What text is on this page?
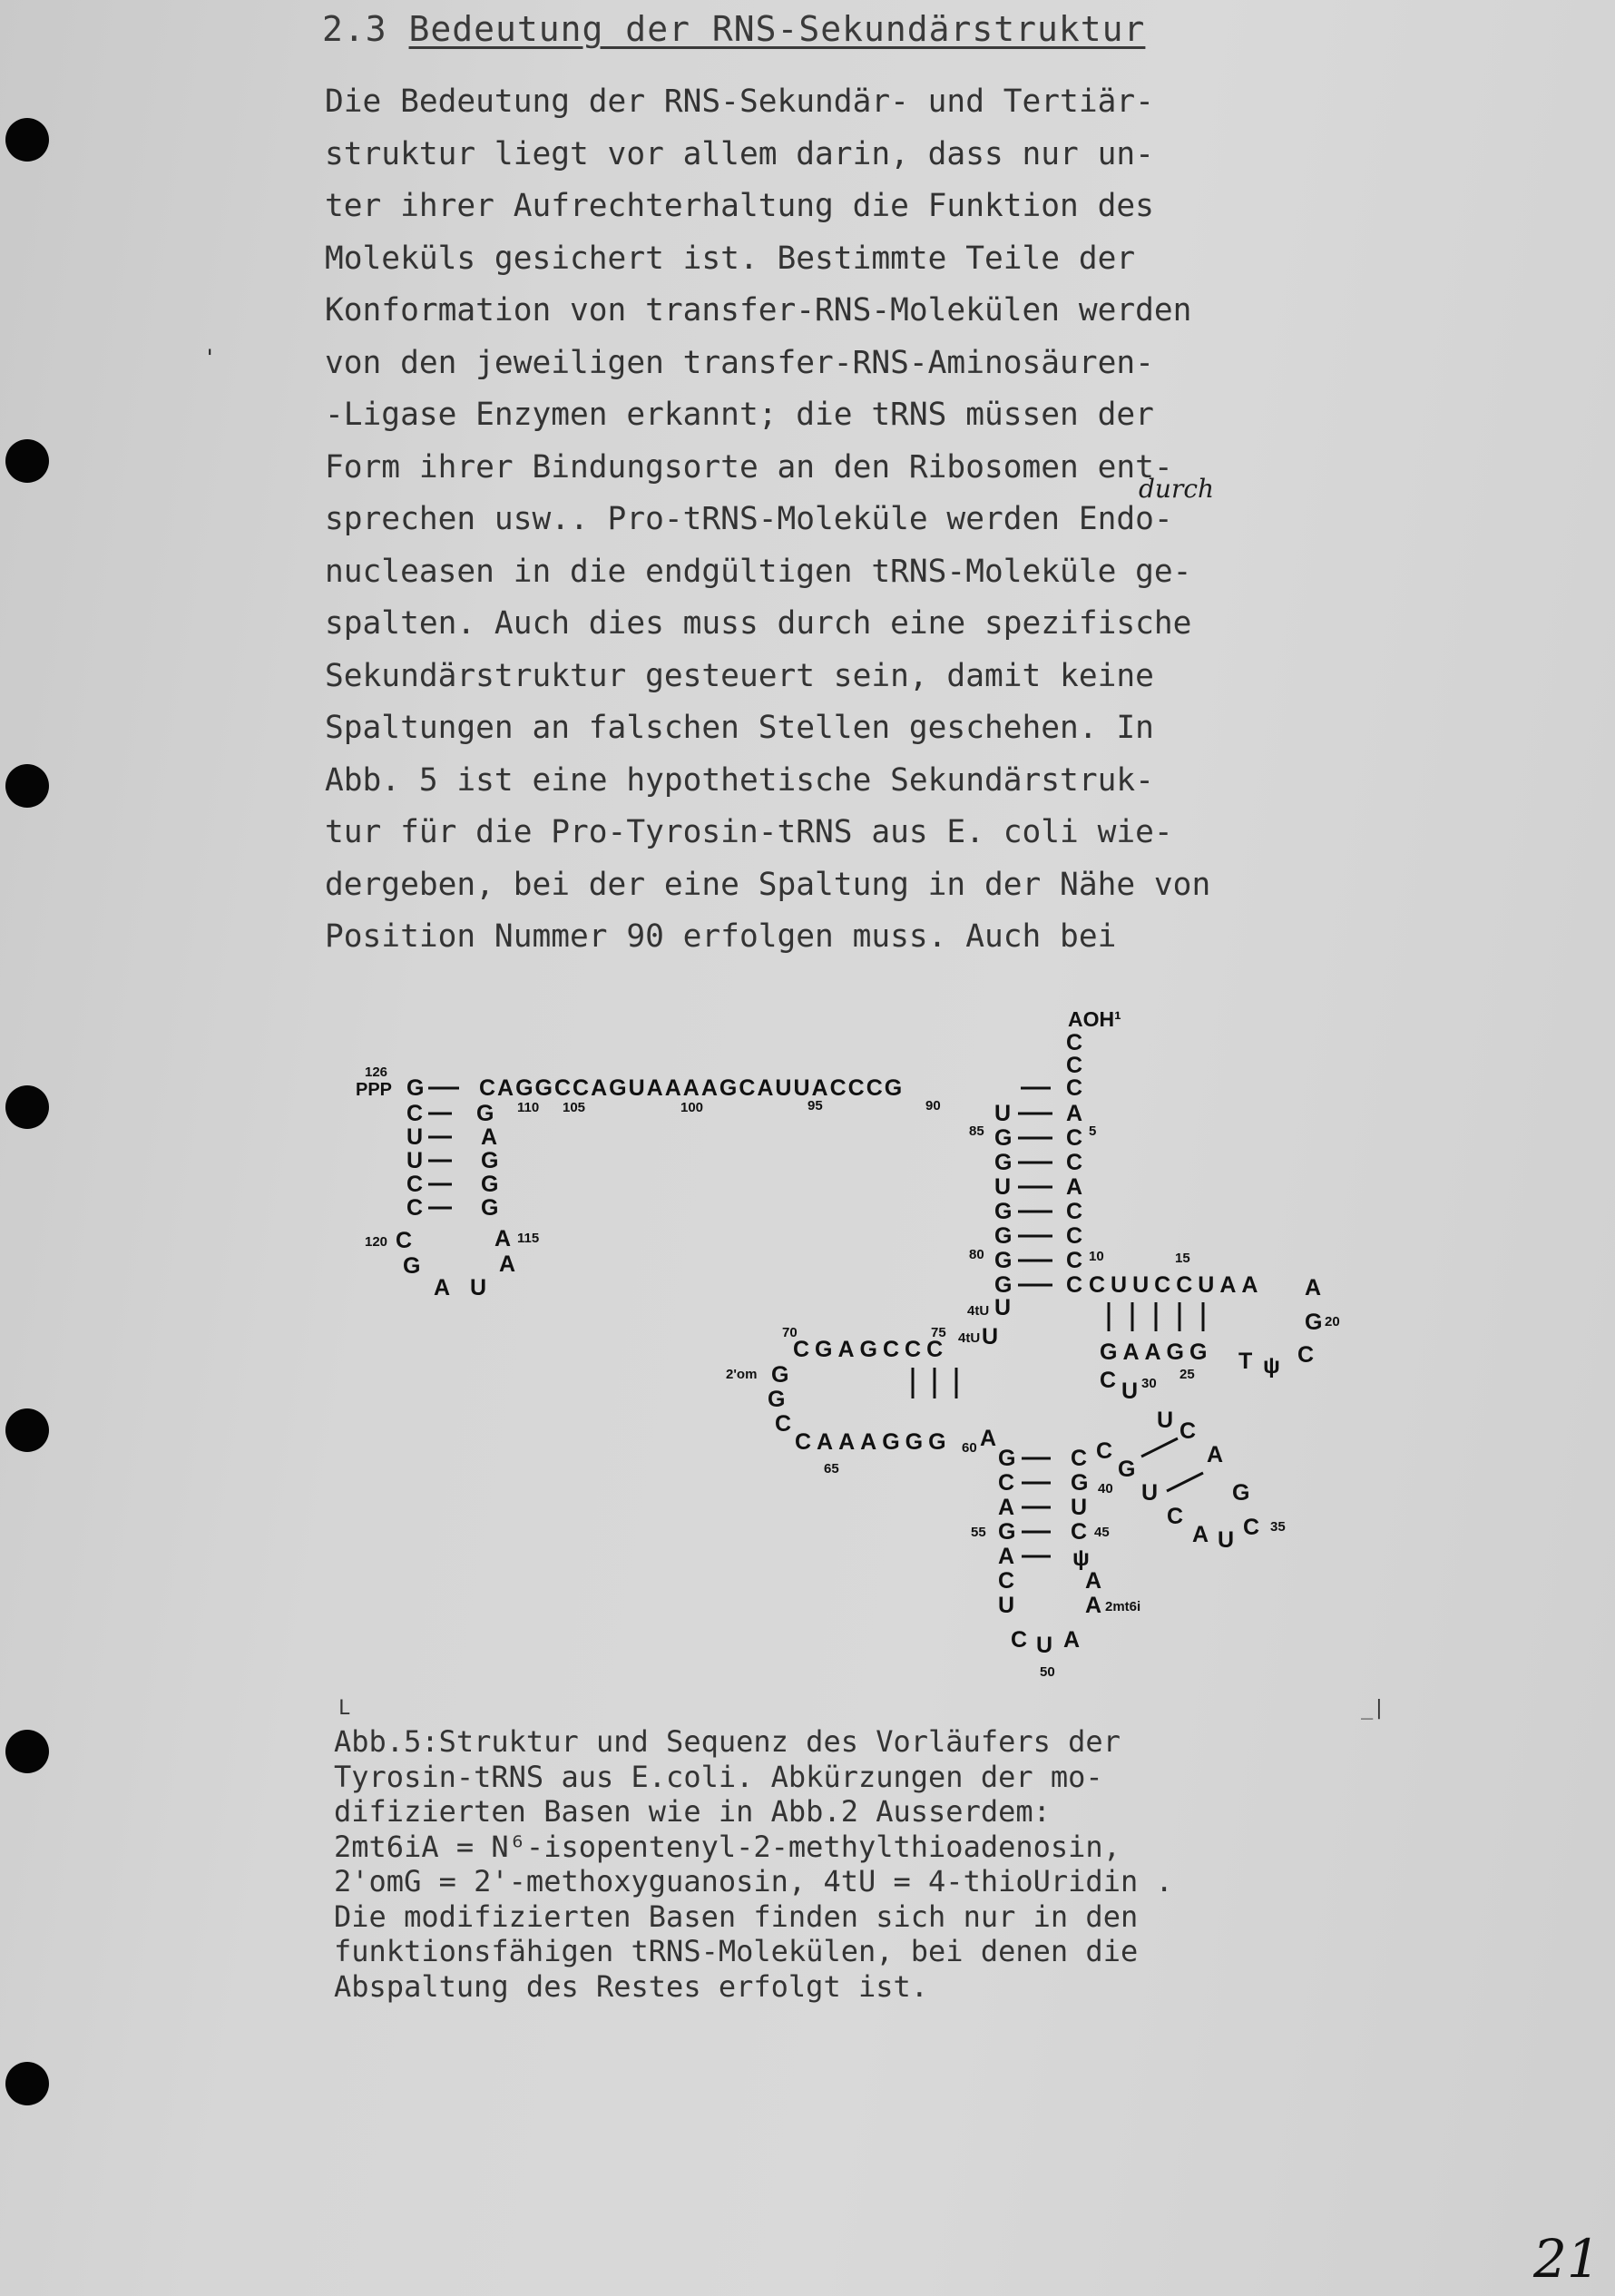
2.3 Bedeutung der RNS-Sekundärstruktur
'
Die Bedeutung der RNS-Sekundär- und Tertiär-
struktur liegt vor allem darin, dass nur un-
ter ihrer Aufrechterhaltung die Funktion des
Moleküls gesichert ist. Bestimmte Teile der
Konformation von transfer-RNS-Molekülen werden
von den jeweiligen transfer-RNS-Aminosäuren-
-Ligase Enzymen erkannt; die tRNS müssen der
Form ihrer Bindungsorte an den Ribosomen ent-
sprechen usw.. Pro-tRNS-Moleküle werden Endo-
nucleasen in die endgültigen tRNS-Moleküle ge-
spalten. Auch dies muss durch eine spezifische
Sekundärstruktur gesteuert sein, damit keine
Spaltungen an falschen Stellen geschehen. In
Abb. 5 ist eine hypothetische Sekundärstruk-
tur für die Pro-Tyrosin-tRNS aus E. coli wie-
dergeben, bei der eine Spaltung in der Nähe von
Position Nummer 90 erfolgen muss. Auch bei
durch
126
PPP G CAGGCCAGUAAAAGCAUUACCCG	C
AOH¹
C
C
110 105	100	95	90
C G
U	A
U	G
C	G
C	G
120 C	A 115
G	A
A U
U A
85 G C 5
G C
U A
G C
G C
80 G C 10
G C
15
CUUCCUAA A
G 20
GAAGG
25
T ψ C
C U 30
U
4tU U
75 4tU U
70
CGAGCCC
2'om G
G
C
CAAAGGG
65
60 A
G C
C G 40
A U
55 G C 45
A	ψ
C	A
U	A 2mt6i
C U A
50
C
G
C
U
A
G
C
A U C 35
L	_|
Abb.5:Struktur und Sequenz des Vorläufers der
Tyrosin-tRNS aus E.coli. Abkürzungen der mo-
difizierten Basen wie in Abb.2 Ausserdem:
2mt6iA = N⁶-isopentenyl-2-methylthioadenosin,
2'omG = 2'-methoxyguanosin, 4tU = 4-thioUridin .
Die modifizierten Basen finden sich nur in den
funktionsfähigen tRNS-Molekülen, bei denen die
Abspaltung des Restes erfolgt ist.
21
